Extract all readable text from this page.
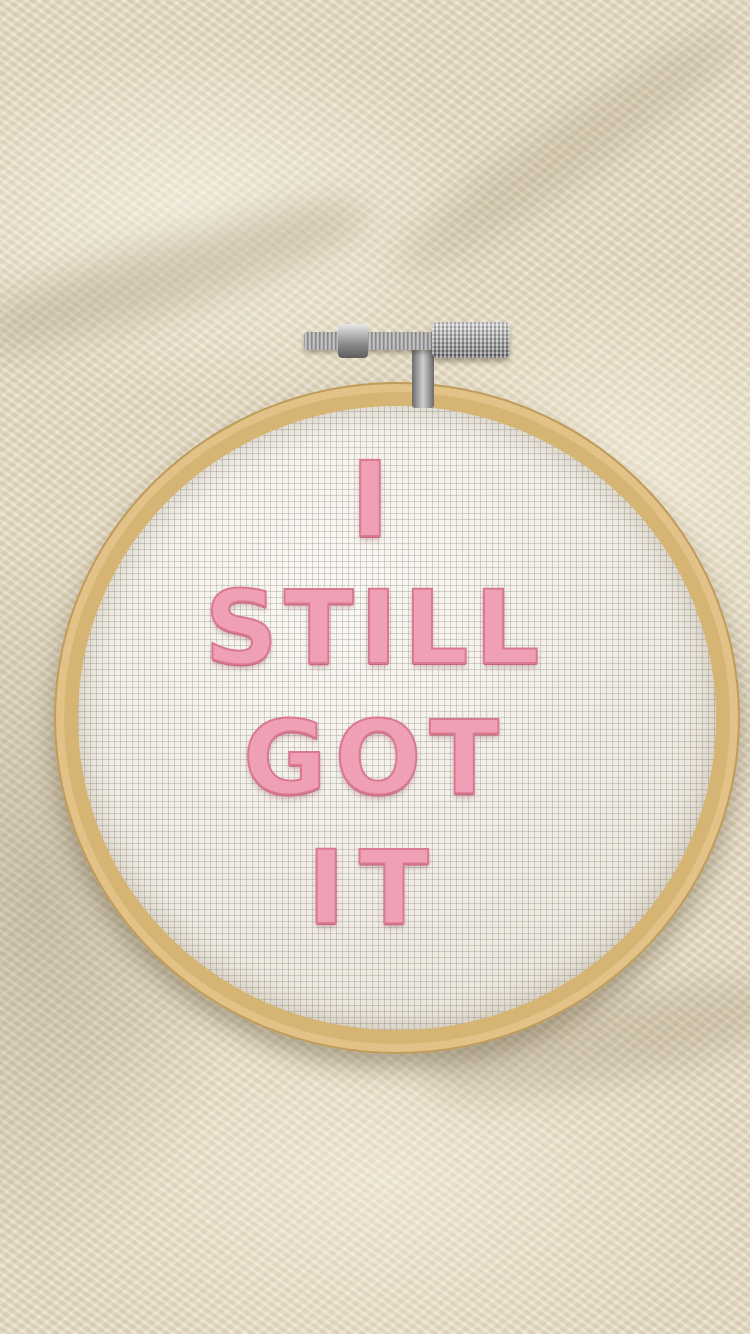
I
STILL
GOT
IT
